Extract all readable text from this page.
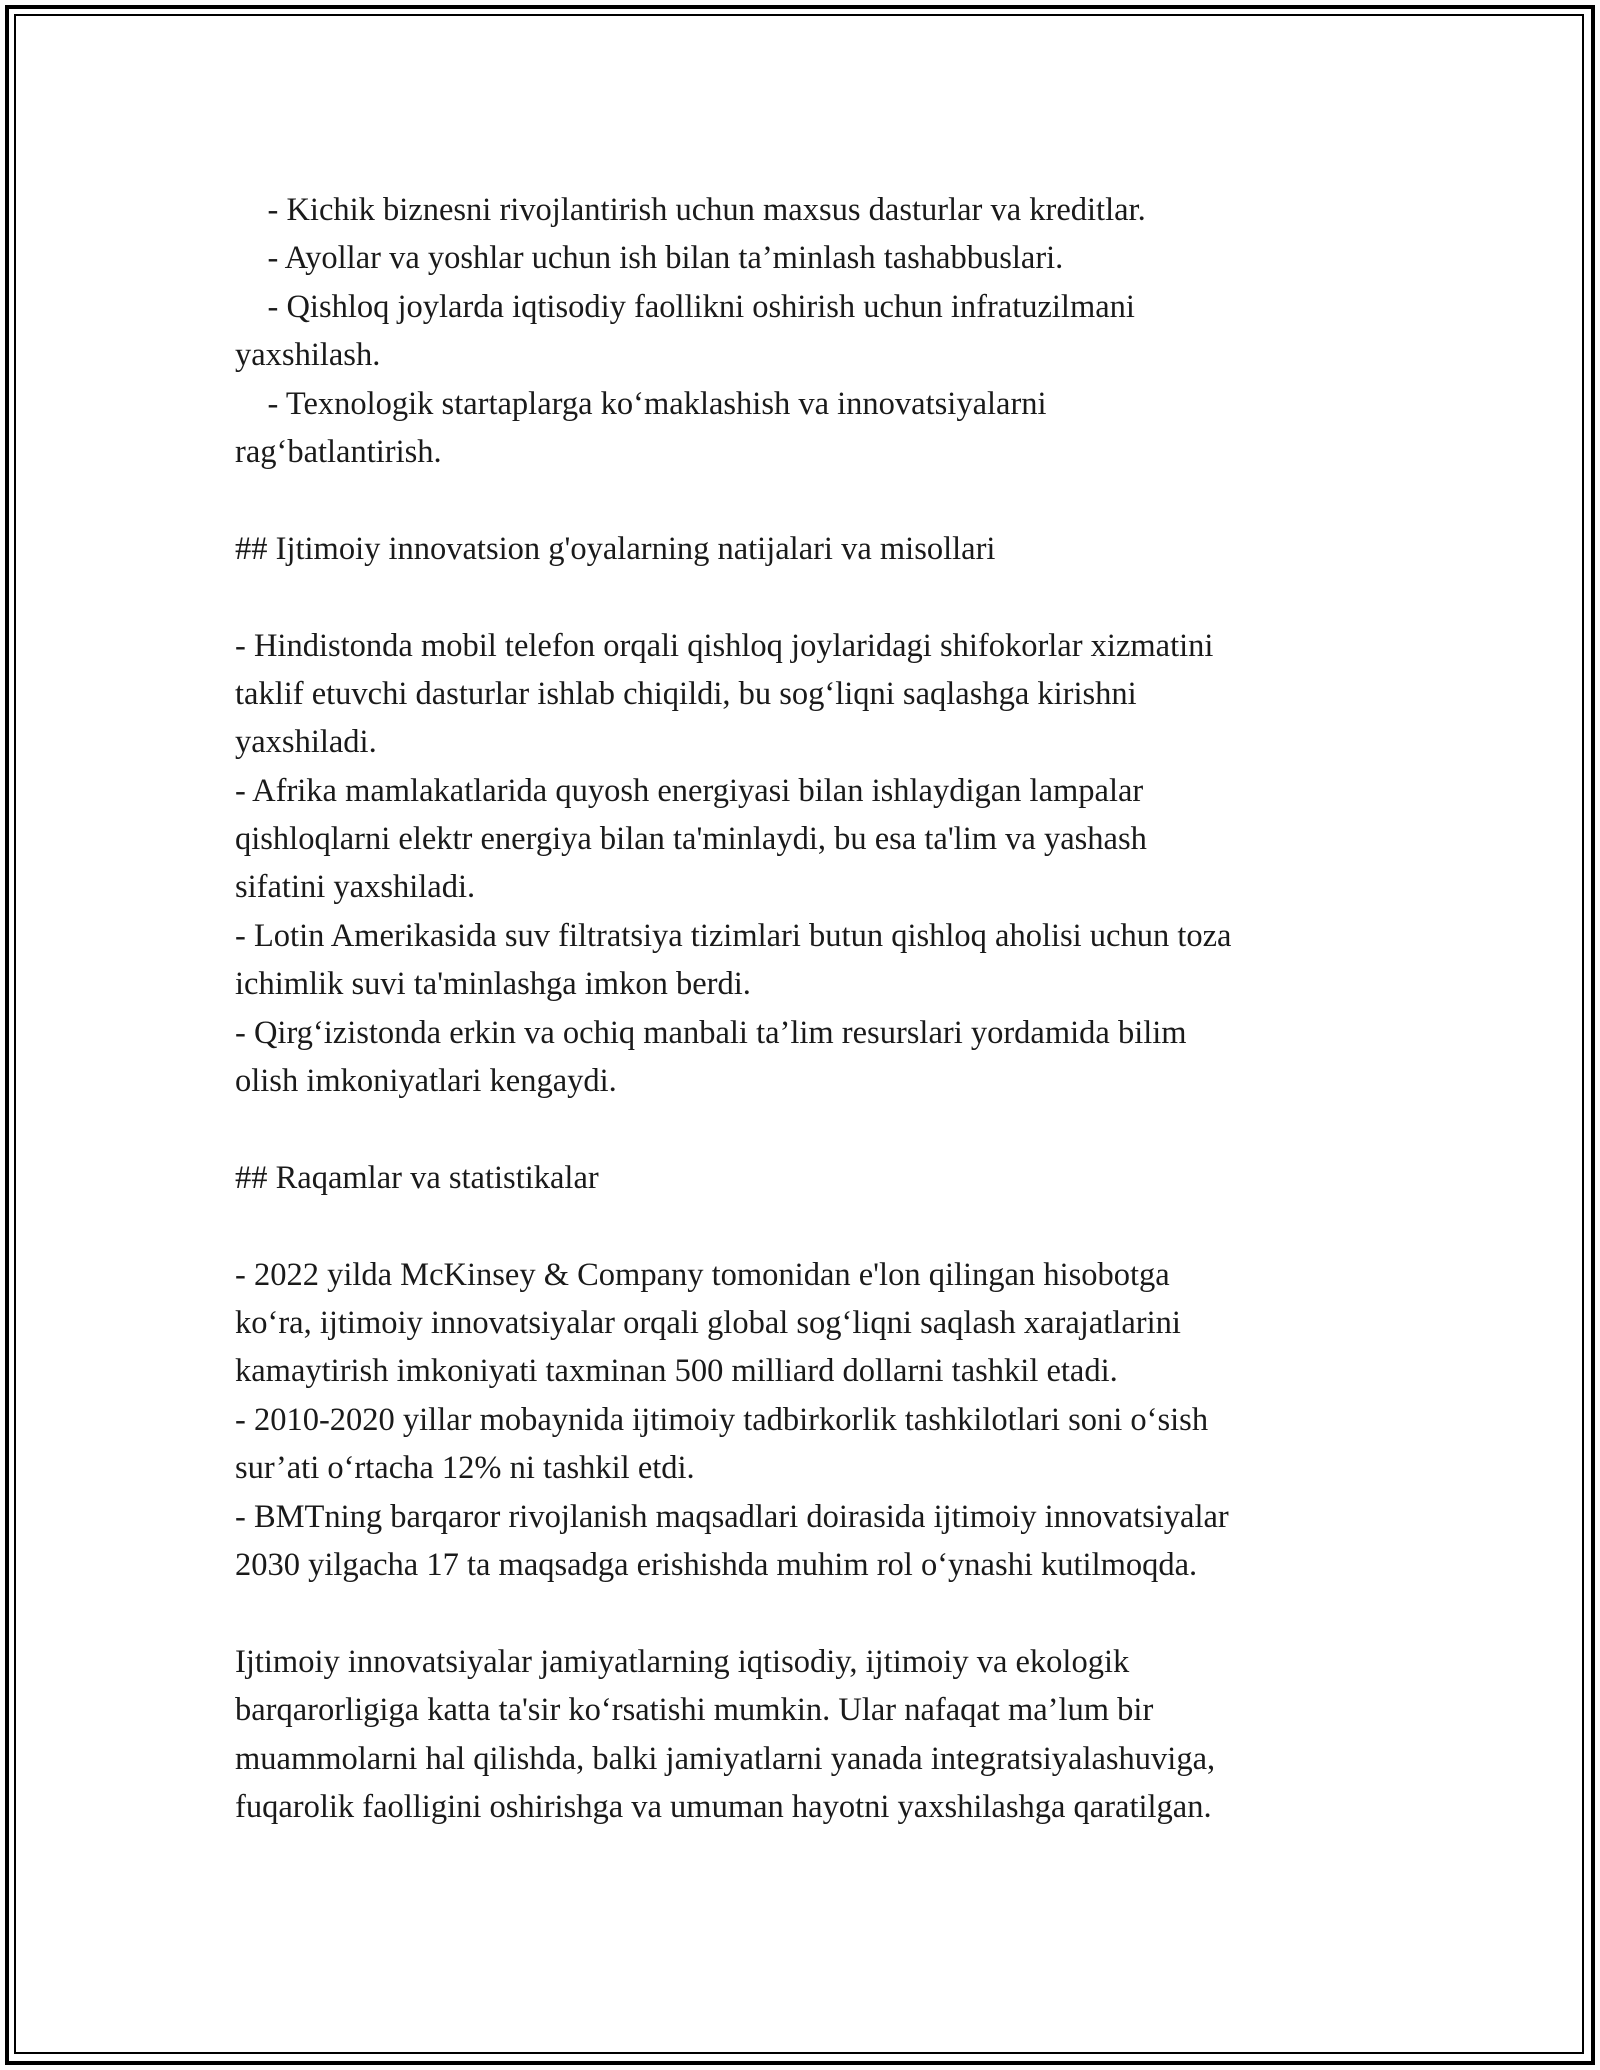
- Kichik biznesni rivojlantirish uchun maxsus dasturlar va kreditlar.
- Ayollar va yoshlar uchun ish bilan ta’minlash tashabbuslari.
- Qishloq joylarda iqtisodiy faollikni oshirish uchun infratuzilmani
yaxshilash.
- Texnologik startaplarga ko‘maklashish va innovatsiyalarni
rag‘batlantirish.
## Ijtimoiy innovatsion g'oyalarning natijalari va misollari
- Hindistonda mobil telefon orqali qishloq joylaridagi shifokorlar xizmatini
taklif etuvchi dasturlar ishlab chiqildi, bu sog‘liqni saqlashga kirishni
yaxshiladi.
- Afrika mamlakatlarida quyosh energiyasi bilan ishlaydigan lampalar
qishloqlarni elektr energiya bilan ta'minlaydi, bu esa ta'lim va yashash
sifatini yaxshiladi.
- Lotin Amerikasida suv filtratsiya tizimlari butun qishloq aholisi uchun toza
ichimlik suvi ta'minlashga imkon berdi.
- Qirg‘izistonda erkin va ochiq manbali ta’lim resurslari yordamida bilim
olish imkoniyatlari kengaydi.
## Raqamlar va statistikalar
- 2022 yilda McKinsey & Company tomonidan e'lon qilingan hisobotga
ko‘ra, ijtimoiy innovatsiyalar orqali global sog‘liqni saqlash xarajatlarini
kamaytirish imkoniyati taxminan 500 milliard dollarni tashkil etadi.
- 2010-2020 yillar mobaynida ijtimoiy tadbirkorlik tashkilotlari soni o‘sish
sur’ati o‘rtacha 12% ni tashkil etdi.
- BMTning barqaror rivojlanish maqsadlari doirasida ijtimoiy innovatsiyalar
2030 yilgacha 17 ta maqsadga erishishda muhim rol o‘ynashi kutilmoqda.
Ijtimoiy innovatsiyalar jamiyatlarning iqtisodiy, ijtimoiy va ekologik
barqarorligiga katta ta'sir ko‘rsatishi mumkin. Ular nafaqat ma’lum bir
muammolarni hal qilishda, balki jamiyatlarni yanada integratsiyalashuviga,
fuqarolik faolligini oshirishga va umuman hayotni yaxshilashga qaratilgan.
